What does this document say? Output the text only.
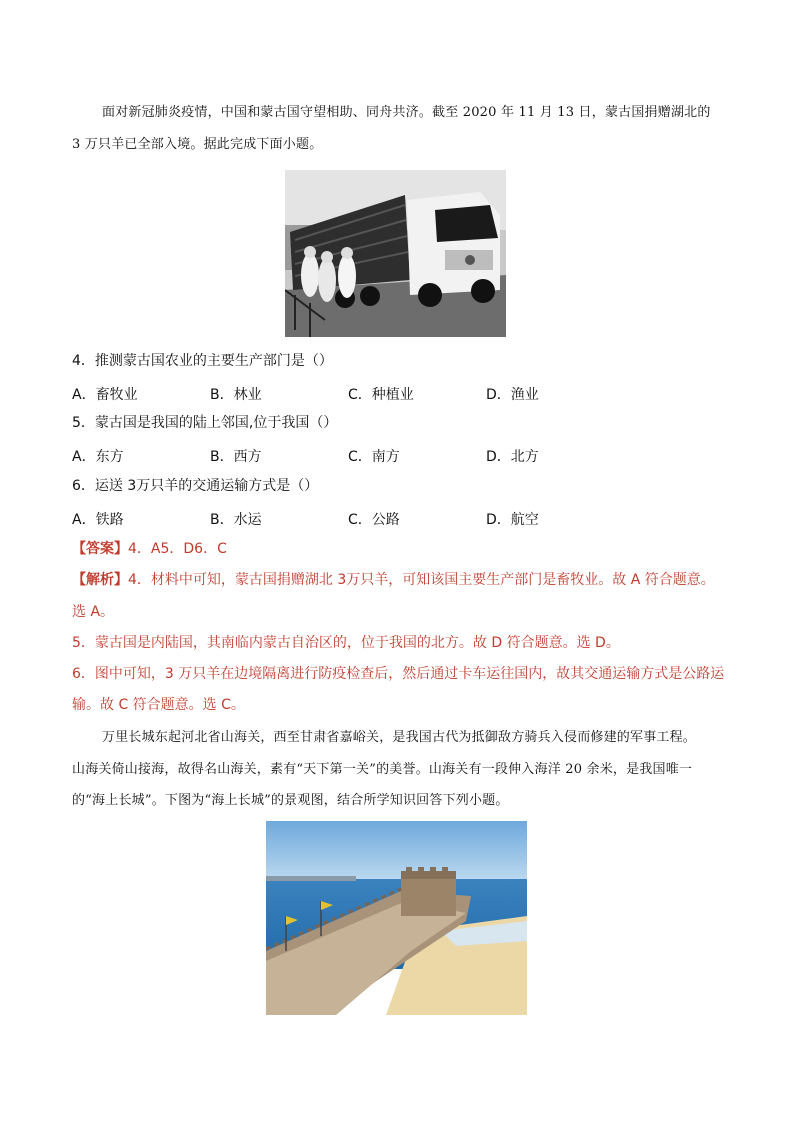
面对新冠肺炎疫情，中国和蒙古国守望相助、同舟共济。截至 2020 年 11 月 13 日，蒙古国捐赠湖北的
3 万只羊已全部入境。据此完成下面小题。
4．推测蒙古国农业的主要生产部门是（）
A．畜牧业	B．林业	C．种植业	D．渔业
5．蒙古国是我国的陆上邻国,位于我国（）
A．东方	B．西方	C．南方	D．北方
6．运送 3万只羊的交通运输方式是（）
A．铁路	B．水运	C．公路	D．航空
【答案】4．A5．D6．C
【解析】4．材料中可知，蒙古国捐赠湖北 3万只羊，可知该国主要生产部门是畜牧业。故 A 符合题意。
选 A。
5．蒙古国是内陆国，其南临内蒙古自治区的，位于我国的北方。故 D 符合题意。选 D。
6．图中可知，3 万只羊在边境隔离进行防疫检查后，然后通过卡车运往国内，故其交通运输方式是公路运
输。故 C 符合题意。选 C。
万里长城东起河北省山海关，西至甘肃省嘉峪关，是我国古代为抵御敌方骑兵入侵而修建的军事工程。
山海关倚山接海，故得名山海关，素有“天下第一关”的美誉。山海关有一段伸入海洋 20 余米，是我国唯一
的“海上长城”。下图为“海上长城”的景观图，结合所学知识回答下列小题。
